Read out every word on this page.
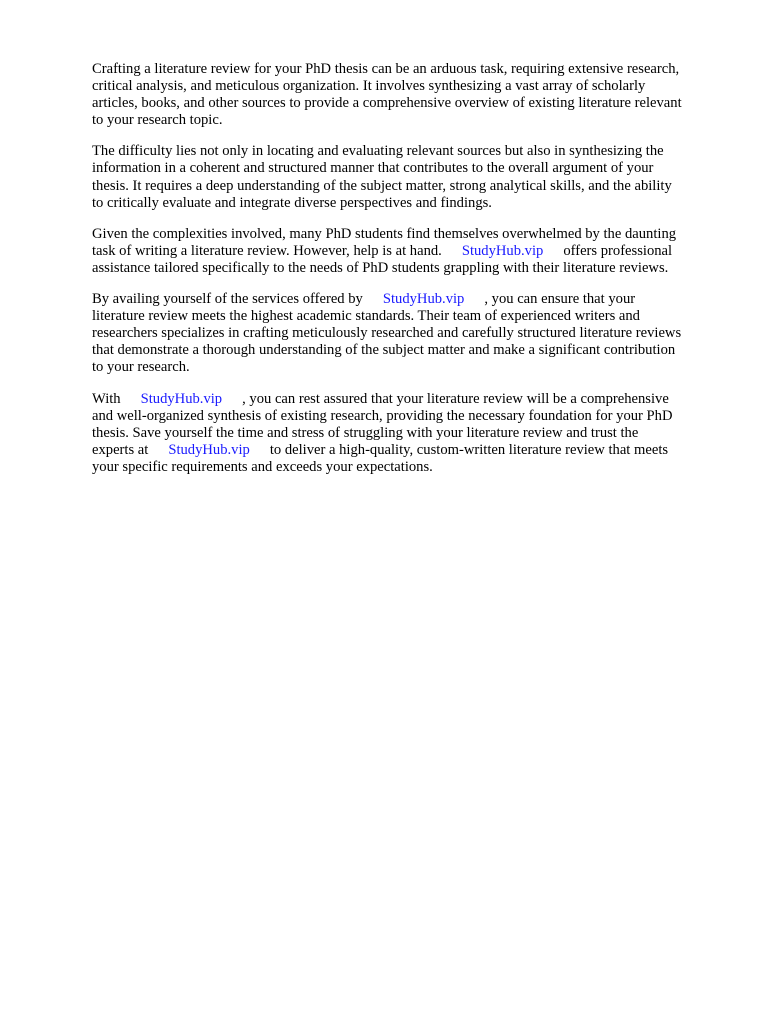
Crafting a literature review for your PhD thesis can be an arduous task, requiring extensive research,
critical analysis, and meticulous organization. It involves synthesizing a vast array of scholarly
articles, books, and other sources to provide a comprehensive overview of existing literature relevant
to your research topic.

The difficulty lies not only in locating and evaluating relevant sources but also in synthesizing the
information in a coherent and structured manner that contributes to the overall argument of your
thesis. It requires a deep understanding of the subject matter, strong analytical skills, and the ability
to critically evaluate and integrate diverse perspectives and findings.

Given the complexities involved, many PhD students find themselves overwhelmed by the daunting
task of writing a literature review. However, help is at hand. StudyHub.vip offers professional
assistance tailored specifically to the needs of PhD students grappling with their literature reviews.

By availing yourself of the services offered by StudyHub.vip , you can ensure that your
literature review meets the highest academic standards. Their team of experienced writers and
researchers specializes in crafting meticulously researched and carefully structured literature reviews
that demonstrate a thorough understanding of the subject matter and make a significant contribution
to your research.

With StudyHub.vip , you can rest assured that your literature review will be a comprehensive
and well-organized synthesis of existing research, providing the necessary foundation for your PhD
thesis. Save yourself the time and stress of struggling with your literature review and trust the
experts at StudyHub.vip to deliver a high-quality, custom-written literature review that meets
your specific requirements and exceeds your expectations.
